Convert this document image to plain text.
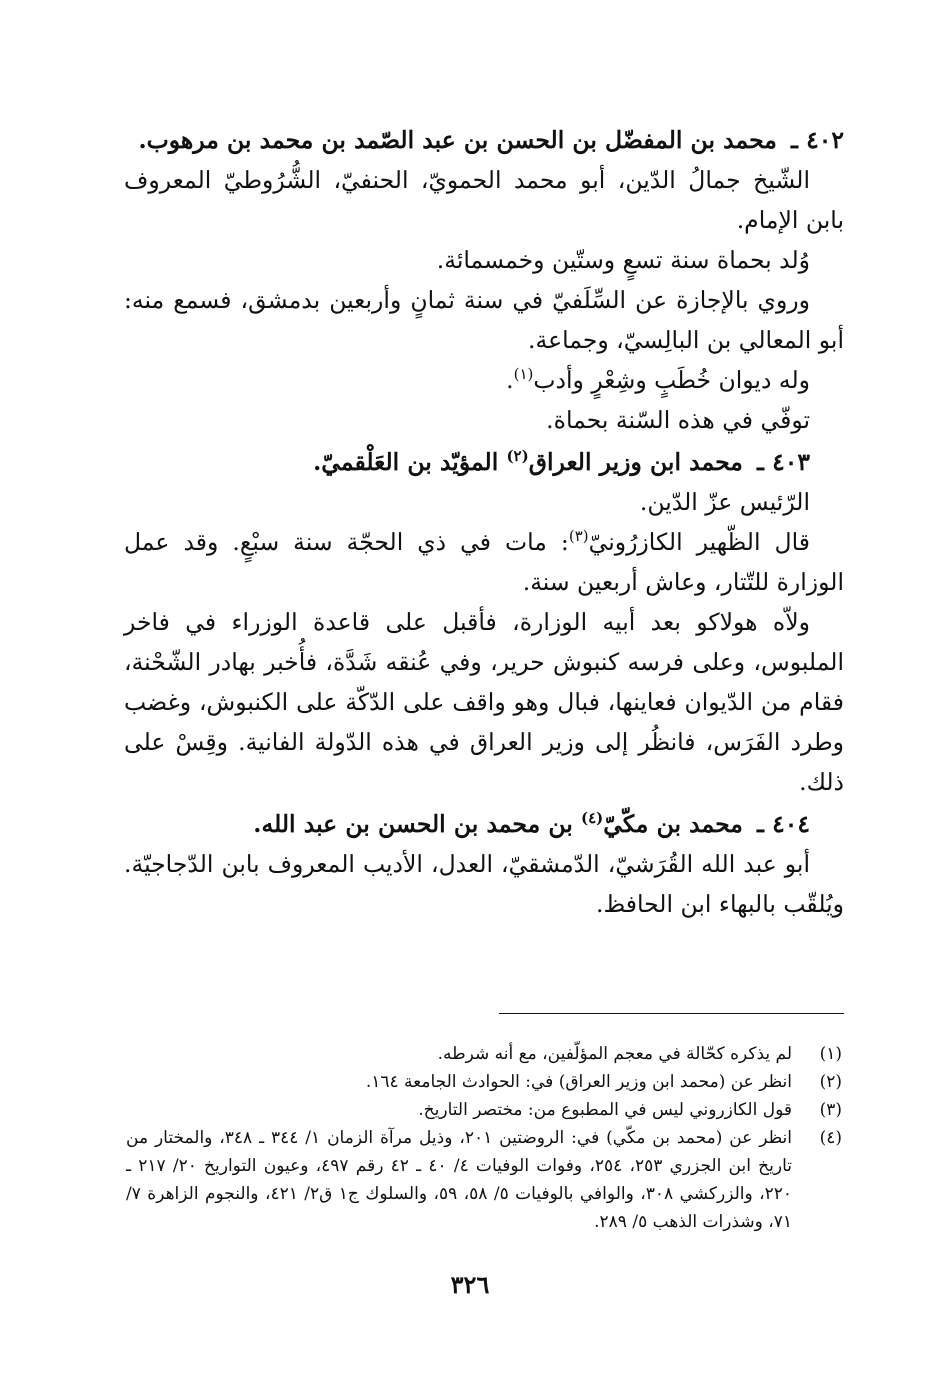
٤٠٢ ـ محمد بن المفضّل بن الحسن بن عبد الصّمد بن محمد بن مرهوب.

الشّيخ جمالُ الدّين، أبو محمد الحمويّ، الحنفيّ، الشُّرُوطيّ المعروف بابن الإمام.

وُلد بحماة سنة تسعٍ وستّين وخمسمائة.

وروي بالإجازة عن السِّلَفيّ في سنة ثمانٍ وأربعين بدمشق، فسمع منه: أبو المعالي بن البالِسيّ، وجماعة.

وله ديوان خُطَبٍ وشِعْرٍ وأدب$^{(١)}$.

توفّي في هذه السّنة بحماة.

٤٠٣ ـ محمد ابن وزير العراق$^{(٢)}$ المؤيّد بن العَلْقميّ.

الرّئيس عزّ الدّين.

قال الظّهير الكازرُونيّ$^{(٣)}$: مات في ذي الحجّة سنة سبْعٍ. وقد عمل الوزارة للتّتار، وعاش أربعين سنة.

ولاّه هولاكو بعد أبيه الوزارة، فأقبل على قاعدة الوزراء في فاخر الملبوس، وعلى فرسه كنبوش حرير، وفي عُنقه شَدَّة، فأُخبر بهادر الشّحْنة، فقام من الدّيوان فعاينها، فبال وهو واقف على الدّكّة على الكنبوش، وغضب وطرد الفَرَس، فانظُر إلى وزير العراق في هذه الدّولة الفانية. وقِسْ على ذلك.

٤٠٤ ـ محمد بن مكّيّ$^{(٤)}$ بن محمد بن الحسن بن عبد الله.

أبو عبد الله القُرَشيّ، الدّمشقيّ، العدل، الأديب المعروف بابن الدّجاجيّة. ويُلقّب بالبهاء ابن الحافظ.

(١)
لم يذكره كحّالة في معجم المؤلّفين، مع أنه شرطه.
(٢)
انظر عن (محمد ابن وزير العراق) في: الحوادث الجامعة ١٦٤.
(٣)
قول الكازروني ليس في المطبوع من: مختصر التاريخ.
(٤)
انظر عن (محمد بن مكّي) في: الروضتين ٢٠١، وذيل مرآة الزمان ١/ ٣٤٤ ـ ٣٤٨، والمختار من تاريخ ابن الجزري ٢٥٣، ٢٥٤، وفوات الوفيات ٤/ ٤٠ ـ ٤٢ رقم ٤٩٧، وعيون التواريخ ٢٠/ ٢١٧ ـ ٢٢٠، والزركشي ٣٠٨، والوافي بالوفيات ٥/ ٥٨، ٥٩، والسلوك ج١ ق٢/ ٤٢١، والنجوم الزاهرة ٧/ ٧١، وشذرات الذهب ٥/ ٢٨٩.
٣٢٦
